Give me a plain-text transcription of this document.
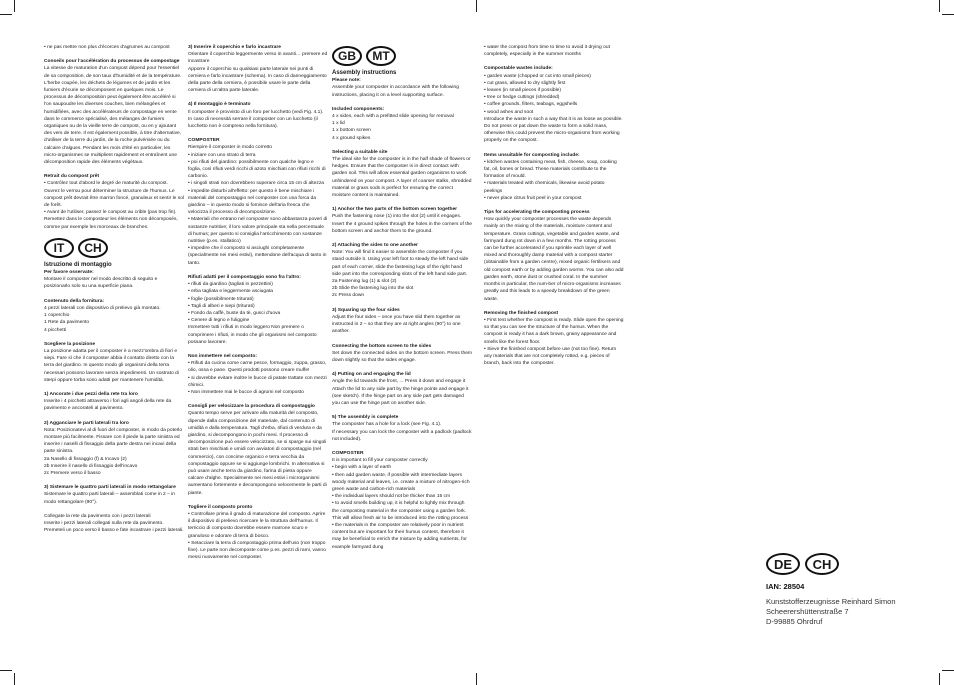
• ne pas mettre non plus d'écorces d'agrumes au compost
Conseils pour l'accélération du processus de compostage
La vitesse de maturation d'un compost dépend pour l'essentiel de sa composition, de son taux d'humidité et de la température. L'herbe coupée, les déchets de légumes et de jardin et les fumiers d'écurie se décomposent en quelques mois. Le processus de décomposition peut également être accéléré si l'on saupoudre les diverses couches, bien mélangées et humidifiées, avec des accélérateurs de compostage en vente dans le commerce spécialisé, des mélanges de fumiers organiques ou de la vieille terre de compost, ou en y ajoutant des vers de terre. Il est également possible, à titre d'alternative, d'utiliser de la terre du jardin, de la roche pulvérisée ou du calcaire d'algues. Pendant les mois d'été en particulier, les micro-organismes se multiplient rapidement et entraînent une décomposition rapide des éléments végétaux.
Retrait du compost prêt
• Contrôlez tout d'abord le degré de maturité du compost. Ouvrez le verrou pour déterminer la structure de l'humus. Le compost prêt devrait être marron foncé, granuleux et sentir le sol de forêt.
• Avant de l'utiliser, passez le compost au crible (pas trop fin). Remettez dans le composteur les éléments non décomposés, comme par exemple les morceaux de branches.
IT	CH
Istruzione di montaggio
Per favore osservate:
Montare il composter nel modo descritto di seguito e posizionarlo solo su una superficie piana.
Contenuto della fornitura:
4 pezzi laterali con dispositivo di prelievo già montato.
1 coperchio
1 Rete da pavimento
4 picchetti
Scegliere la posizione
La posizione adatta per il composter è a mezz'ombra di fiori e siepi. Fare sì che il composter abbia il contatto diretto con la terra del giardino. In questo modo gli organismi della terra necessari possono lavorare senza impedimenti. Un sostrato di sterpi oppure torba sono adatti per mantenere l'umidità.
1) Ancorate i due pezzi della rete tra loro
Inserite i 4 picchetti attraverso i fori agli angoli della rete da pavimento e ancorateli al pavimento.
2) Agganciare le parti laterali tra loro
Nota: Posizionatevi al di fuori del composter, in modo da poterlo montare più facilmente. Fissare con il piede la parte sinistra ed inserire i naselli di fissaggio della parte destra nei incavi della parte sinistra.
2a Nasello di fissaggio (f) & Incavo (2)
2b Inserire il nasello di fissaggio dell'incavo
2c Premere verso il basso
3) Sistemare le quattro parti laterali in modo rettangolare
Sistemare le quattro parti laterali – assemblati come in 2 – in modo rettangolare (90°).
Collegate la rete da pavimento con i pezzi laterali
Inserite i pezzi laterali collegati sulla rete da pavimento. Premeteli un poco verso il basso e fate incastrare i pezzi laterali.
3) Inserire il coperchio e farlo incastrare
Orientare il coperchio leggermente verso in avanti… premere ed incastrare
Apporre il coperchio su qualsiasi parte laterale nei punti di cerniera e farlo incastrare (schema). In caso di danneggiamento della parte della cerniera, è possibile usare le parte della cerniera di un'altra parte laterale.
4) Il montaggio è terminato
Il composter è provvisto di un foro per lucchetto (vedi Fig. 4.1). In caso di necessità serrare il composter con un lucchetto (il lucchetto non è compreso nella fornitura).
COMPOSTER
Riempire il composter in modo corretto
• iniziare con uno strato di terra
• poi rifiuti del giardino: possibilmente con qualche legno e foglia, così rifiuti verdi ricchi di azoto mischiati con rifiuti ricchi di carbonio.
• i singoli strati non dovrebbero superare circa 15 cm di altezza
• impedite disturbi all'effetto: per questo è bene mischiare i materiali del compostaggio nel composter con una forca da giardino – in questo modo si fornisce dell'aria fresca che velocizza il processo di decomposizione.
• Materiali che entrano nel composter sono abbastanza poveri di sostanze nutritive; il loro valore principale sta nella percentuale di humus; per questo si consiglia l'arricchimento con sostanze nutritive (p.es. stallatico)
• impedire che il composto si asciughi completamente (specialmente nei mesi estivi), mettendone dell'acqua di tanto in tanto.
Rifiuti adatti per il compostaggio sono fra l'altro:
• rifiuti da giardino (tagliati in pezzettini)
• erba tagliata e leggermente asciugata
• foglie (possibilmente triturati)
• Tagli di alberi e siepi (triturati)
• Fondo da caffè, buste da tè, gusci d'uova
• Cenere di legno e fuliggine
Immettere tutti i rifiuti in modo leggero Non premere o comprimere i rifiuti, in modo che gli organismi nel composto possano lavorare.
Non immettere nel composto:
• Rifiuti da cucina come carne pesce, formaggio, zuppa, grasso, olio, ossa e pane. Questi prodotti possono creare muffe!
• si dovrebbe evitare inoltre le bucce di patate trattate con mezzi chimici.
• Non immettere mai le bucce di agrumi nel composto
Consigli per velocizzare la procedura di compostaggio
Quanto tempo serve per arrivare alla maturità del composto, dipende dalla composizione del materiale, dal contenuto di umidità e dalla temperatura. Tagli d'erba, rifiuti di verdura e da giardino, si decompongono in pochi mesi. Il processo di decomposizione può essere velocizzato, se si sparge sui singoli strati ben mischiati e umidi con avviatori di compostaggio (nel commercio), con concime organico e terra vecchia da compostaggio oppure se si aggiunge lombrichi. In alternativa si può usare anche terra da giardino, farina di pietra oppure calcare d'alghe. Specialmente nei mesi estivi i microrganismi aumentano fortemente e decompongono velocemente le parti di piante.
Togliere il composto pronto
• Controllare prima il grado di maturazione del composto. Aprire il dispositivo di prelievo ricercare le la struttura dell'humus. Il terriccio di composto dovrebbe essere marrone scuro e granuloso e odorare di terra di bosco.
• Setacciare la terra di compostaggio prima dell'uso (non troppo fine). Le parte non decomposte come p.es. pezzi di rami, vanno messi nuovamente nel composter.
GB	MT
Assembly instructions
Please note:
Assemble your composter in accordance with the following instructions, placing it on a level supporting surface.
Included components:
4 x sides, each with a prefitted slide opening for removal
1 x lid
1 x bottom screen
4 x ground spikes
Selecting a suitable site
The ideal site for the composter is in the half shade of flowers or hedges. Ensure that the composter is in direct contact with garden soil. This will allow essential garden organisms to work unhindered on your compost. A layer of coarser stalks, shredded material or grass sods is perfect for ensuring the correct moisture content is maintained.
1) Anchor the two parts of the bottom screen together
Push the fastening nose (1) into the slot (2) until it engages. Insert the 4 ground spikes through the holes in the corners of the bottom screen and anchor them to the ground.
2) Attaching the sides to one another
Note: You will find it easier to assemble the composter if you stand outside it. Using your left foot to steady the left hand side part of each corner, slide the fastening lugs of the right hand side part into the corresponding slots of the left hand side part.
2a Fastening lug (1) & slot (2)
2b Slide the fastening lug into the slot
2c Press down
3) Squaring up the four sides
Adjust the four sides – once you have slid them together as instructed in 2 – so that they are at right angles (90°) to one another.
Connecting the bottom screen to the sides
Set down the connected sides on the bottom screen. Press them down slightly so that the sides engage.
4) Putting on and engaging the lid
Angle the lid towards the front, ... Press it down and engage it Attach the lid to any side part by the hinge points and engage it (see sketch). If the hinge part on any side part gets damaged you can use the hinge part on another side.
5) The assembly is complete
The composter has a hole for a lock (see Fig. 4.1).
If necessary you can lock the composter with a padlock (padlock not included).
COMPOSTER
It is important to fill your composter correctly
• begin with a layer of earth
• then add garden waste, if possible with intermediate layers woody material and leaves, i.e. create a mixture of nitrogen-rich green waste and carbon-rich materials
• the individual layers should not be thicker than 15 cm
• to avoid smells building up, it is helpful to lightly mix through the composting material in the composter using a garden fork. This will allow fresh air to be introduced into the rotting process
• the materials in the composter are relatively poor in nutrient content but are important for their humus content, therefore it may be beneficial to enrich the mixture by adding nutrients, for example farmyard dung
• water the compost from time to time to avoid it drying out completely, especially in the summer months
Compostable wastes include:
• garden waste (chopped or cut into small pieces)
• cut grass, allowed to dry slightly first
• leaves (in small pieces if possible)
• tree or hedge cuttings (shredded)
• coffee grounds, filters, teabags, eggshells
• wood ashes and soot
Introduce the waste in such a way that it is as loose as possible. Do not press or pat down the waste to form a solid mass, otherwise this could prevent the micro-organisms from working properly on the compost.
Items unsuitable for composting include:
• kitchen wastes containing meat, fish, cheese, soup, cooking fat, oil, bones or bread. These materials contribute to the formation of mould.
• materials treated with chemicals, likewise avoid potato peelings
• never place citrus fruit peel in your compost
Tips for accelerating the composting process
How quickly your composter processes the waste depends mainly on the mixing of the materials, moisture content and temperature. Grass cuttings, vegetable and garden waste, and farmyard dung rot down in a few months. The rotting process can be further accelerated if you sprinkle each layer of well mixed and thoroughly damp material with a compost starter (obtainable from a garden centre), mixed organic fertilisers and old compost earth or by adding garden worms. You can also add garden earth, stone dust or crushed coral. In the summer months in particular, the num-ber of micro-organisms increases greatly and this leads to a speedy breakdown of the green waste.
Removing the finished compost
• First test whether the compost is ready. Slide open the opening so that you can see the structure of the humus. When the compost is ready it has a dark brown, grainy appearance and smells like the forest floor.
• Sieve the finished compost before use (not too fine). Return any materials that are not completely rotted, e.g. pieces of branch, back into the composter.
DE	CH
IAN: 28504
Kunststofferzeugnisse Reinhard Simon
Scheerershüttenstraße 7
D-99885 Ohrdruf
